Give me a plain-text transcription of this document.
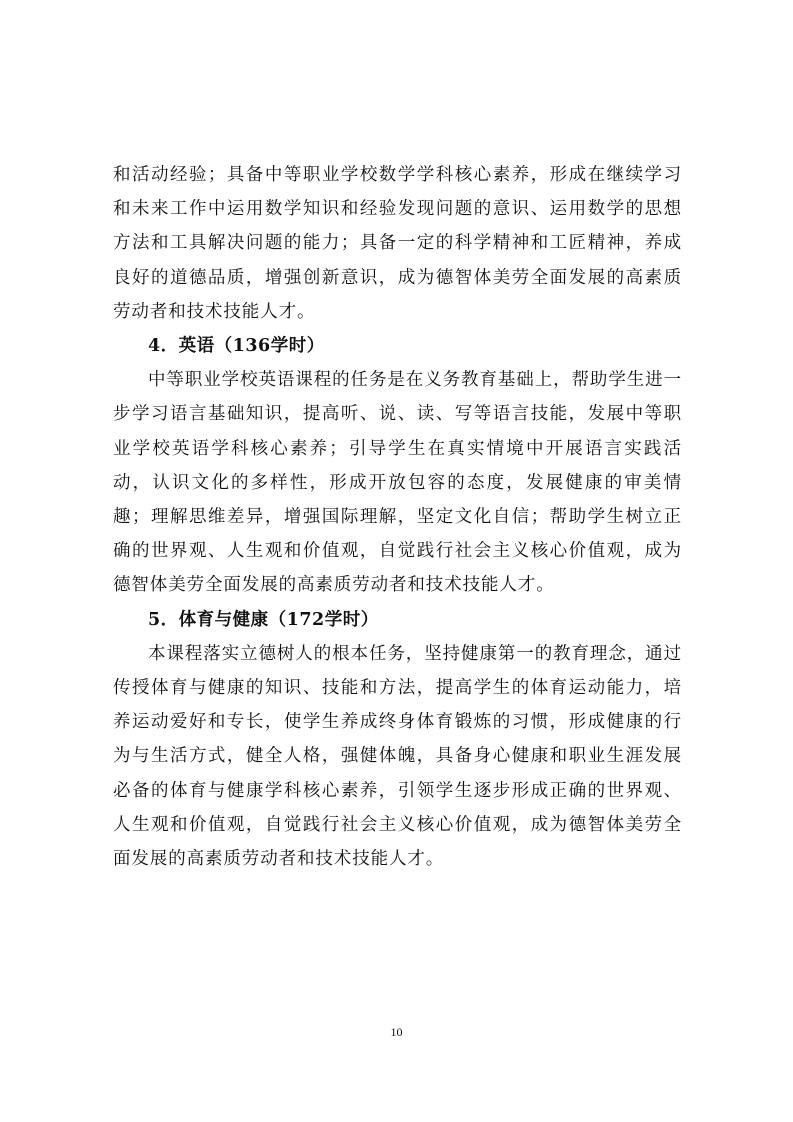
和活动经验；具备中等职业学校数学学科核心素养，形成在继续学习和未来工作中运用数学知识和经验发现问题的意识、运用数学的思想方法和工具解决问题的能力；具备一定的科学精神和工匠精神，养成良好的道德品质，增强创新意识，成为德智体美劳全面发展的高素质劳动者和技术技能人才。

4．英语（136学时）

中等职业学校英语课程的任务是在义务教育基础上，帮助学生进一步学习语言基础知识，提高听、说、读、写等语言技能，发展中等职业学校英语学科核心素养；引导学生在真实情境中开展语言实践活动，认识文化的多样性，形成开放包容的态度，发展健康的审美情趣；理解思维差异，增强国际理解，坚定文化自信；帮助学生树立正确的世界观、人生观和价值观，自觉践行社会主义核心价值观，成为德智体美劳全面发展的高素质劳动者和技术技能人才。

5．体育与健康（172学时）

本课程落实立德树人的根本任务，坚持健康第一的教育理念，通过传授体育与健康的知识、技能和方法，提高学生的体育运动能力，培养运动爱好和专长，使学生养成终身体育锻炼的习惯，形成健康的行为与生活方式，健全人格，强健体魄，具备身心健康和职业生涯发展必备的体育与健康学科核心素养，引领学生逐步形成正确的世界观、人生观和价值观，自觉践行社会主义核心价值观，成为德智体美劳全面发展的高素质劳动者和技术技能人才。

10
